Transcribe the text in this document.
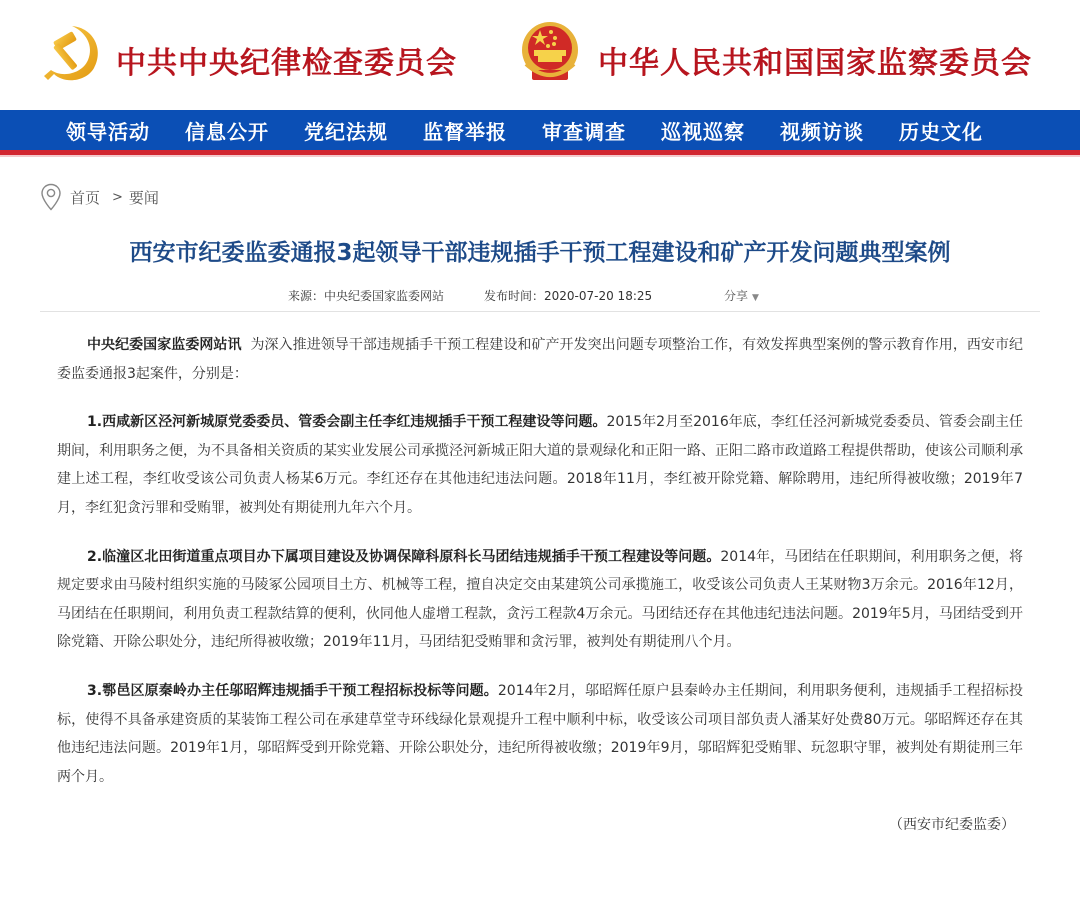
中共中央纪律检查委员会	中华人民共和国国家监察委员会
领导活动 信息公开 党纪法规 监督举报 审查调查 巡视巡察 视频访谈 历史文化
首页 > 要闻
西安市纪委监委通报3起领导干部违规插手干预工程建设和矿产开发问题典型案例
来源：中央纪委国家监委网站	发布时间：2020-07-20 18:25	分享 ▼

中央纪委国家监委网站讯 为深入推进领导干部违规插手干预工程建设和矿产开发突出问题专项整治工作，有效发挥典型案例的警示教育作用，西安市纪委监委通报3起案件，分别是：

1.西咸新区泾河新城原党委委员、管委会副主任李红违规插手干预工程建设等问题。2015年2月至2016年底，李红任泾河新城党委委员、管委会副主任期间，利用职务之便，为不具备相关资质的某实业发展公司承揽泾河新城正阳大道的景观绿化和正阳一路、正阳二路市政道路工程提供帮助，使该公司顺利承建上述工程，李红收受该公司负责人杨某6万元。李红还存在其他违纪违法问题。2018年11月，李红被开除党籍、解除聘用，违纪所得被收缴；2019年7月，李红犯贪污罪和受贿罪，被判处有期徒刑九年六个月。

2.临潼区北田街道重点项目办下属项目建设及协调保障科原科长马团结违规插手干预工程建设等问题。2014年，马团结在任职期间，利用职务之便，将规定要求由马陵村组织实施的马陵冢公园项目土方、机械等工程，擅自决定交由某建筑公司承揽施工，收受该公司负责人王某财物3万余元。2016年12月，马团结在任职期间，利用负责工程款结算的便利，伙同他人虚增工程款，贪污工程款4万余元。马团结还存在其他违纪违法问题。2019年5月，马团结受到开除党籍、开除公职处分，违纪所得被收缴；2019年11月，马团结犯受贿罪和贪污罪，被判处有期徒刑八个月。

3.鄠邑区原秦岭办主任邬昭辉违规插手干预工程招标投标等问题。2014年2月，邬昭辉任原户县秦岭办主任期间，利用职务便利，违规插手工程招标投标，使得不具备承建资质的某装饰工程公司在承建草堂寺环线绿化景观提升工程中顺利中标，收受该公司项目部负责人潘某好处费80万元。邬昭辉还存在其他违纪违法问题。2019年1月，邬昭辉受到开除党籍、开除公职处分，违纪所得被收缴；2019年9月，邬昭辉犯受贿罪、玩忽职守罪，被判处有期徒刑三年两个月。

（西安市纪委监委）
